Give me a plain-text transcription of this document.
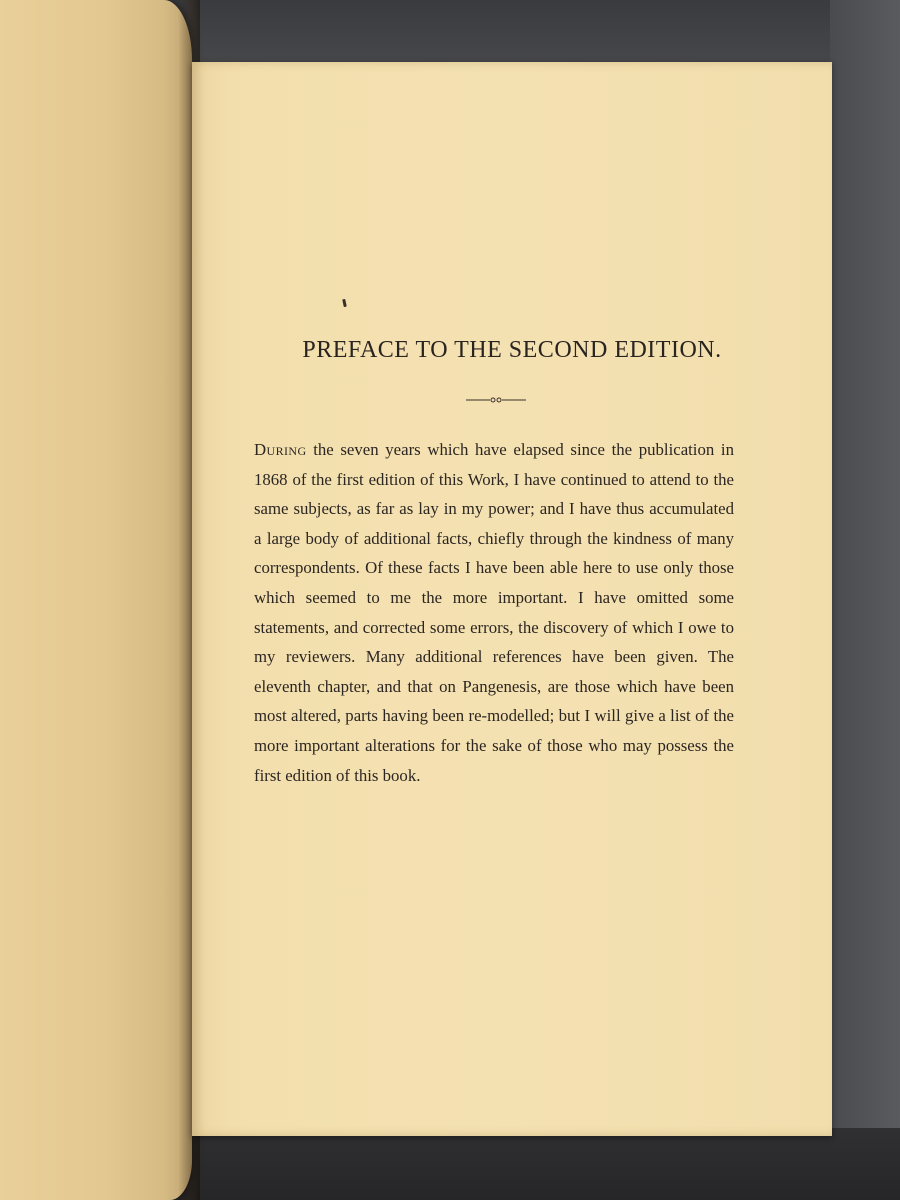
PREFACE TO THE SECOND EDITION.
During the seven years which have elapsed since the publication in 1868 of the first edition of this Work, I have continued to attend to the same subjects, as far as lay in my power; and I have thus accumulated a large body of additional facts, chiefly through the kindness of many correspondents. Of these facts I have been able here to use only those which seemed to me the more important. I have omitted some statements, and corrected some errors, the discovery of which I owe to my reviewers. Many additional references have been given. The eleventh chapter, and that on Pangenesis, are those which have been most altered, parts having been re-modelled; but I will give a list of the more important alterations for the sake of those who may possess the first edition of this book.
